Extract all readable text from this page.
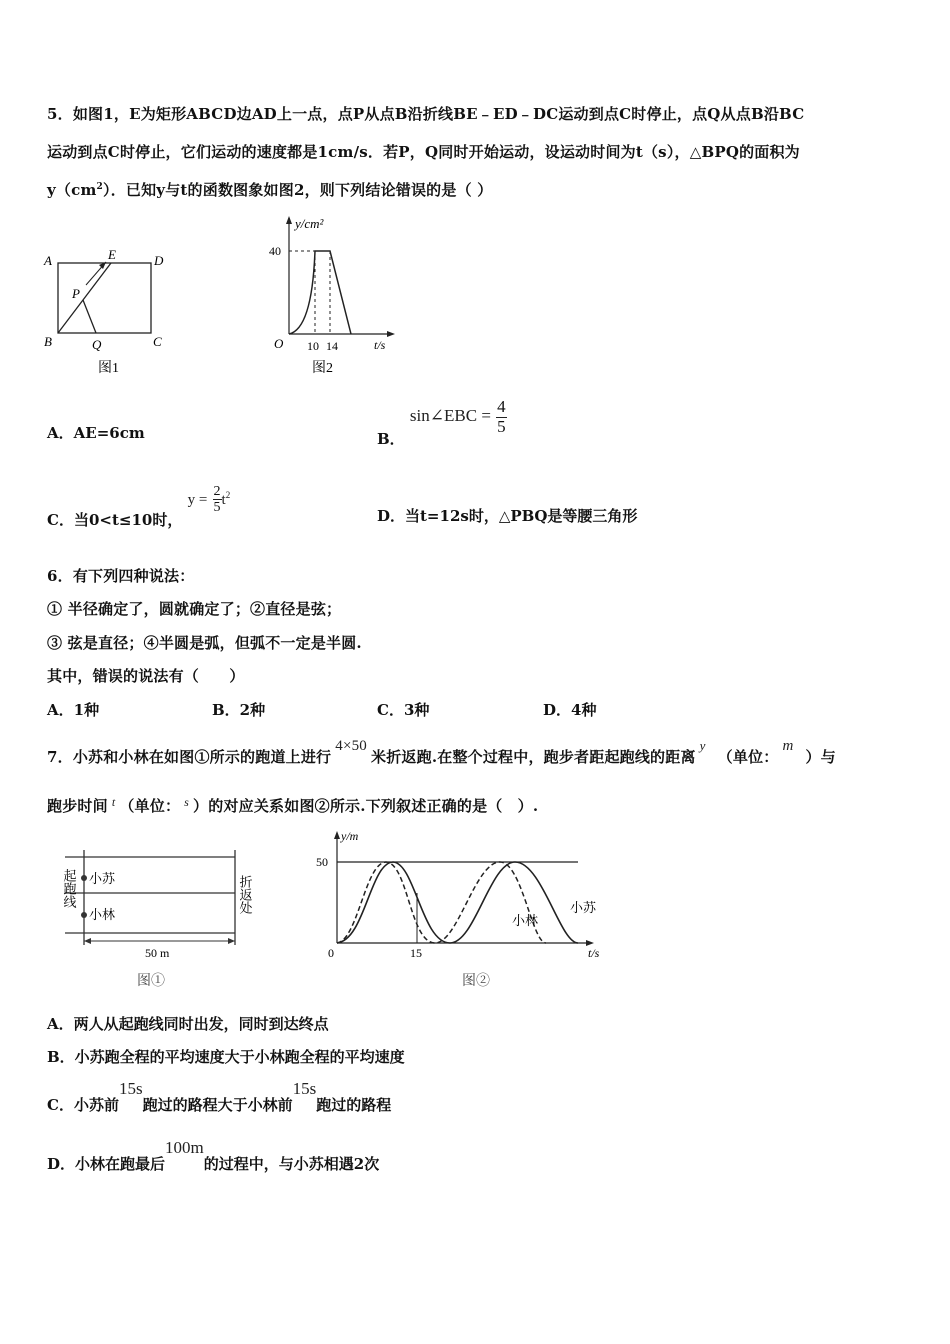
5．如图1，E为矩形ABCD边AD上一点，点P从点B沿折线BE﹣ED﹣DC运动到点C时停止，点Q从点B沿BC
运动到点C时停止，它们运动的速度都是1cm/s．若P，Q同时开始运动，设运动时间为t（s），△BPQ的面积为
$y(cm^2)$．已知y与t的函数图象如图2，则下列结论错误的是（ ）
A	E	D
P
B	Q	C
图1
y/cm²
40
O 10 14	t/s
图2
A．AE=6cm	B． sin∠EBC = $\frac{4}{5}$
C．当0<t≤10时， $y = \frac{2}{5} t^2$
D．当t=12s时，△PBQ是等腰三角形
6．有下列四种说法：
① 半径确定了，圆就确定了；②直径是弦；
③ 弦是直径；④半圆是弧，但弧不一定是半圆.
其中，错误的说法有（　　）
A．1种	B．2种	C．3种	D．4种
7．小苏和小林在如图①所示的跑道上进行4×50米折返跑.在整个过程中，跑步者距起跑线的距离y（单位：m）与
跑步时间 $^t$ （单位： $^s$ ）的对应关系如图②所示.下列叙述正确的是（　）.
小苏
小林
起跑线	折返处
50 m
图①
y/m
50
0	15	t/s
小林
小苏
图②
A．两人从起跑线同时出发，同时到达终点
B．小苏跑全程的平均速度大于小林跑全程的平均速度
C．小苏前15s跑过的路程大于小林前15s跑过的路程
D．小林在跑最后100m的过程中，与小苏相遇2次
